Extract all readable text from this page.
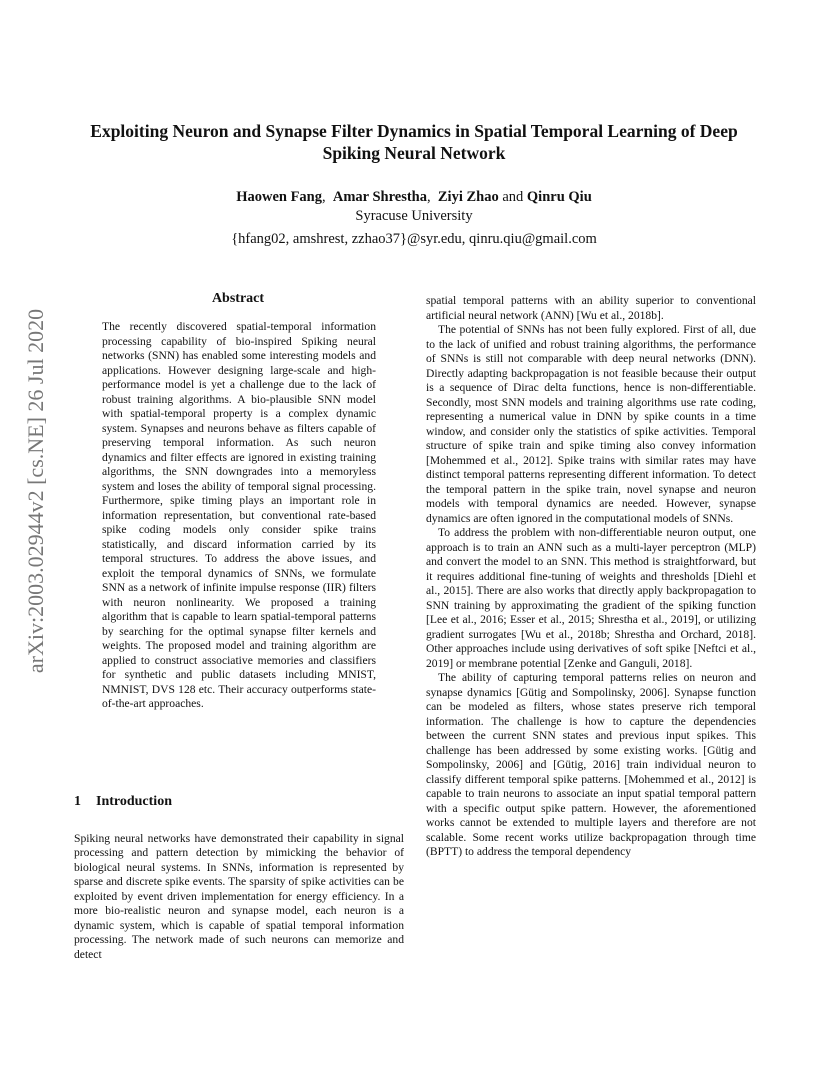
Exploiting Neuron and Synapse Filter Dynamics in Spatial Temporal Learning of Deep Spiking Neural Network
Haowen Fang,  Amar Shrestha,  Ziyi Zhao and Qinru Qiu
Syracuse University
{hfang02, amshrest, zzhao37}@syr.edu, qinru.qiu@gmail.com
arXiv:2003.02944v2 [cs.NE] 26 Jul 2020
Abstract

The recently discovered spatial-temporal information processing capability of bio-inspired Spiking neural networks (SNN) has enabled some interesting models and applications. However designing large-scale and high-performance model is yet a challenge due to the lack of robust training algorithms. A bio-plausible SNN model with spatial-temporal property is a complex dynamic system. Synapses and neurons behave as filters capable of preserving temporal information. As such neuron dynamics and filter effects are ignored in existing training algorithms, the SNN downgrades into a memoryless system and loses the ability of temporal signal processing. Furthermore, spike timing plays an important role in information representation, but conventional rate-based spike coding models only consider spike trains statistically, and discard information carried by its temporal structures. To address the above issues, and exploit the temporal dynamics of SNNs, we formulate SNN as a network of infinite impulse response (IIR) filters with neuron nonlinearity. We proposed a training algorithm that is capable to learn spatial-temporal patterns by searching for the optimal synapse filter kernels and weights. The proposed model and training algorithm are applied to construct associative memories and classifiers for synthetic and public datasets including MNIST, NMNIST, DVS 128 etc. Their accuracy outperforms state-of-the-art approaches.

1 Introduction

Spiking neural networks have demonstrated their capability in signal processing and pattern detection by mimicking the behavior of biological neural systems. In SNNs, information is represented by sparse and discrete spike events. The sparsity of spike activities can be exploited by event driven implementation for energy efficiency. In a more bio-realistic neuron and synapse model, each neuron is a dynamic system, which is capable of spatial temporal information processing. The network made of such neurons can memorize and detect

spatial temporal patterns with an ability superior to conventional artificial neural network (ANN) [Wu et al., 2018b].

The potential of SNNs has not been fully explored. First of all, due to the lack of unified and robust training algorithms, the performance of SNNs is still not comparable with deep neural networks (DNN). Directly adapting backpropagation is not feasible because their output is a sequence of Dirac delta functions, hence is non-differentiable. Secondly, most SNN models and training algorithms use rate coding, representing a numerical value in DNN by spike counts in a time window, and consider only the statistics of spike activities. Temporal structure of spike train and spike timing also convey information [Mohemmed et al., 2012]. Spike trains with similar rates may have distinct temporal patterns representing different information. To detect the temporal pattern in the spike train, novel synapse and neuron models with temporal dynamics are needed. However, synapse dynamics are often ignored in the computational models of SNNs.

To address the problem with non-differentiable neuron output, one approach is to train an ANN such as a multi-layer perceptron (MLP) and convert the model to an SNN. This method is straightforward, but it requires additional fine-tuning of weights and thresholds [Diehl et al., 2015]. There are also works that directly apply backpropagation to SNN training by approximating the gradient of the spiking function [Lee et al., 2016; Esser et al., 2015; Shrestha et al., 2019], or utilizing gradient surrogates [Wu et al., 2018b; Shrestha and Orchard, 2018]. Other approaches include using derivatives of soft spike [Neftci et al., 2019] or membrane potential [Zenke and Ganguli, 2018].

The ability of capturing temporal patterns relies on neuron and synapse dynamics [Gütig and Sompolinsky, 2006]. Synapse function can be modeled as filters, whose states preserve rich temporal information. The challenge is how to capture the dependencies between the current SNN states and previous input spikes. This challenge has been addressed by some existing works. [Gütig and Sompolinsky, 2006] and [Gütig, 2016] train individual neuron to classify different temporal spike patterns. [Mohemmed et al., 2012] is capable to train neurons to associate an input spatial temporal pattern with a specific output spike pattern. However, the aforementioned works cannot be extended to multiple layers and therefore are not scalable. Some recent works utilize backpropagation through time (BPTT) to address the temporal dependency
